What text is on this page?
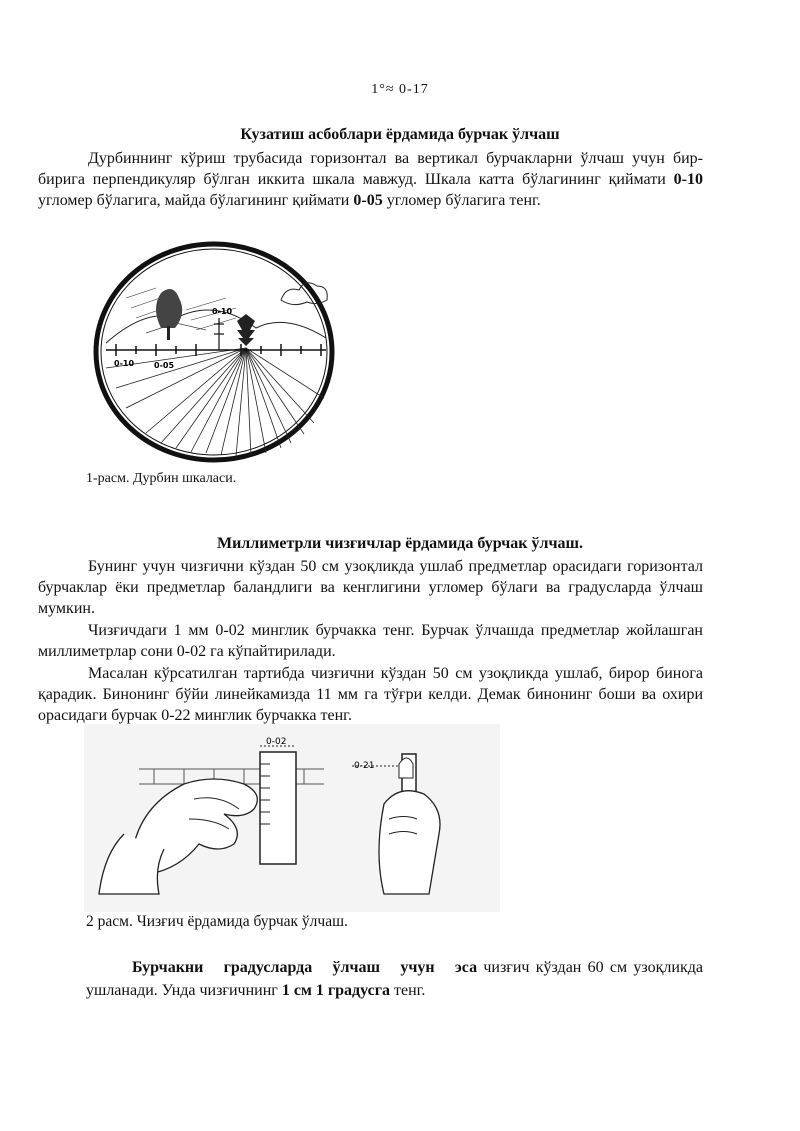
1°≈ 0-17
Кузатиш асбоблари ёрдамида бурчак ўлчаш
Дурбиннинг кўриш трубасида горизонтал ва вертикал бурчакларни ўлчаш учун бир-бирига перпендикуляр бўлган иккита шкала мавжуд. Шкала катта бўлагининг қиймати 0-10 угломер бўлагига, майда бўлагининг қиймати 0-05 угломер бўлагига тенг.
0-10
0-10 0-05
1-расм. Дурбин шкаласи.
Миллиметрли чизғичлар ёрдамида бурчак ўлчаш.
Бунинг учун чизғични кўздан 50 см узоқликда ушлаб предметлар орасидаги горизонтал бурчаклар ёки предметлар баландлиги ва кенглигини угломер бўлаги ва градусларда ўлчаш мумкин.
Чизғичдаги 1 мм 0-02 минглик бурчакка тенг. Бурчак ўлчашда предметлар жойлашган миллиметрлар сони 0-02 га кўпайтирилади.
Масалан кўрсатилган тартибда чизғични кўздан 50 см узоқликда ушлаб, бирор бинога қарадик. Бинонинг бўйи линейкамизда 11 мм га тўғри келди. Демак бинонинг боши ва охири орасидаги бурчак 0-22 минглик бурчакка тенг.
0-02
0-21
2 расм. Чизғич ёрдамида бурчак ўлчаш.
Бурчакни градусларда ўлчаш учун эса чизғич кўздан 60 см узоқликда ушланади. Унда чизғичнинг 1 см 1 градусга тенг.
